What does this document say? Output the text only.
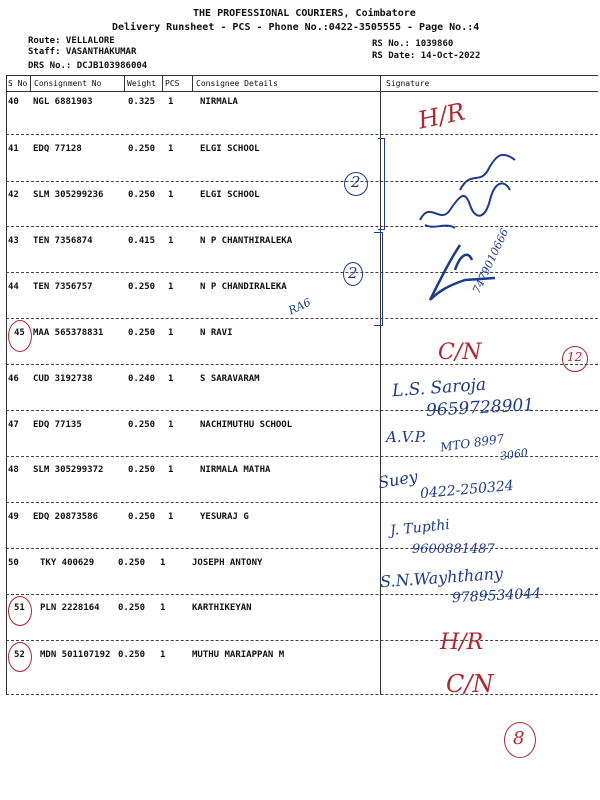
THE PROFESSIONAL COURIERS, Coimbatore
Delivery Runsheet - PCS - Phone No.:0422-3505555 - Page No.:4
Route: VELLALORE
Staff: VASANTHAKUMAR
DRS No.: DCJB103986004
RS No.: 1039860
RS Date: 14-Oct-2022
S No Consignment No	Weight PCS Consignee Details	Signature
40 NGL 6881903	0.325 1	NIRMALA
41 EDQ 77128	0.250 1	ELGI SCHOOL
42 SLM 305299236	0.250 1	ELGI SCHOOL
43 TEN 7356874	0.415 1	N P CHANTHIRALEKA
44 TEN 7356757	0.250 1	N P CHANDIRALEKA
45 MAA 565378831	0.250 1	N RAVI
46 CUD 3192738	0.240 1	S SARAVARAM
47 EDQ 77135	0.250 1	NACHIMUTHU SCHOOL
48 SLM 305299372	0.250 1	NIRMALA MATHA
49 EDQ 20873586	0.250 1	YESURAJ G
50 TKY 400629	0.250 1	JOSEPH ANTONY
51 PLN 2228164 0.250 1	KARTHIKEYAN
52 MDN 501107192 0.250 1	MUTHU MARIAPPAN M
H/R
2
2	7479010666
RA6
C/N	12
L.S. Saroja
9659728901
A.V.P. MTO 8997
3060
Suey 0422-250324
J. Tupthi
9600881487
S.N.Wayhthany
9789534044
H/R
C/N
8
